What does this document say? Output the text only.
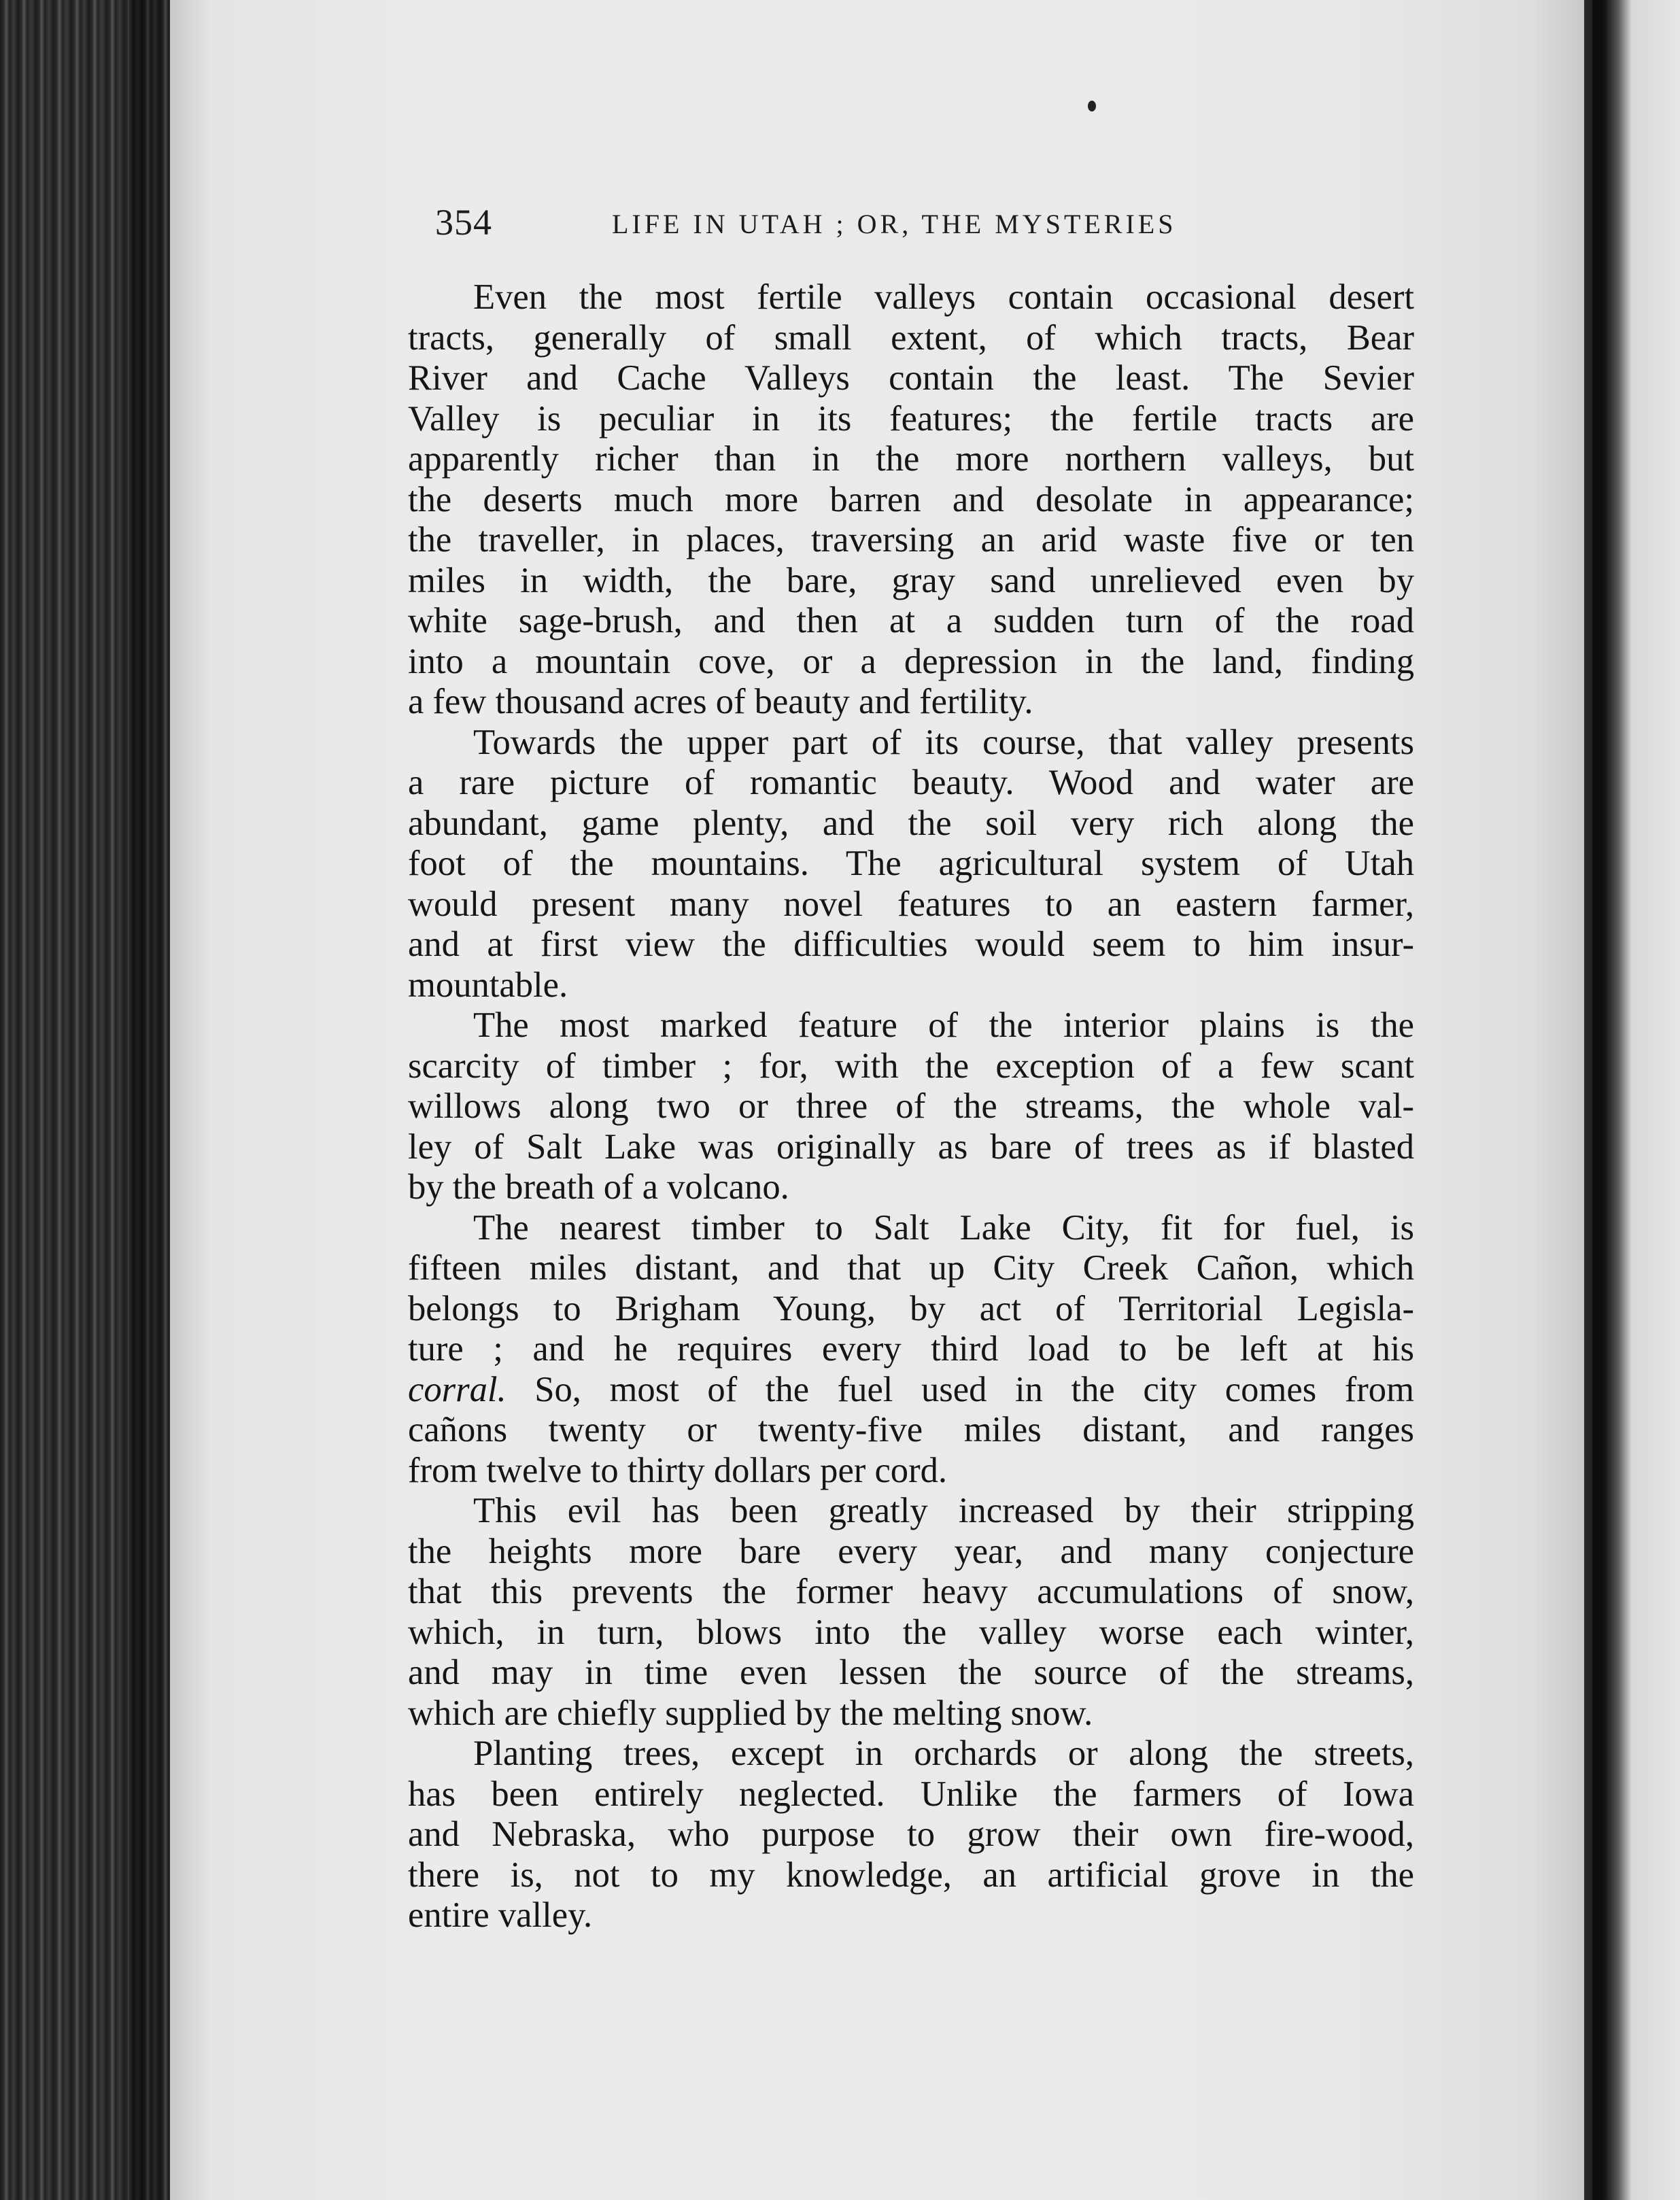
354	LIFE IN UTAH ; OR, THE MYSTERIES
Even the most fertile valleys contain occasional desert
tracts, generally of small extent, of which tracts, Bear
River and Cache Valleys contain the least. The Sevier
Valley is peculiar in its features; the fertile tracts are
apparently richer than in the more northern valleys, but
the deserts much more barren and desolate in appearance;
the traveller, in places, traversing an arid waste five or ten
miles in width, the bare, gray sand unrelieved even by
white sage-brush, and then at a sudden turn of the road
into a mountain cove, or a depression in the land, finding
a few thousand acres of beauty and fertility.
Towards the upper part of its course, that valley presents
a rare picture of romantic beauty. Wood and water are
abundant, game plenty, and the soil very rich along the
foot of the mountains. The agricultural system of Utah
would present many novel features to an eastern farmer,
and at first view the difficulties would seem to him insur-
mountable.
The most marked feature of the interior plains is the
scarcity of timber ; for, with the exception of a few scant
willows along two or three of the streams, the whole val-
ley of Salt Lake was originally as bare of trees as if blasted
by the breath of a volcano.
The nearest timber to Salt Lake City, fit for fuel, is
fifteen miles distant, and that up City Creek Cañon, which
belongs to Brigham Young, by act of Territorial Legisla-
ture ; and he requires every third load to be left at his
corral. So, most of the fuel used in the city comes from
cañons twenty or twenty-five miles distant, and ranges
from twelve to thirty dollars per cord.
This evil has been greatly increased by their stripping
the heights more bare every year, and many conjecture
that this prevents the former heavy accumulations of snow,
which, in turn, blows into the valley worse each winter,
and may in time even lessen the source of the streams,
which are chiefly supplied by the melting snow.
Planting trees, except in orchards or along the streets,
has been entirely neglected. Unlike the farmers of Iowa
and Nebraska, who purpose to grow their own fire-wood,
there is, not to my knowledge, an artificial grove in the
entire valley.
